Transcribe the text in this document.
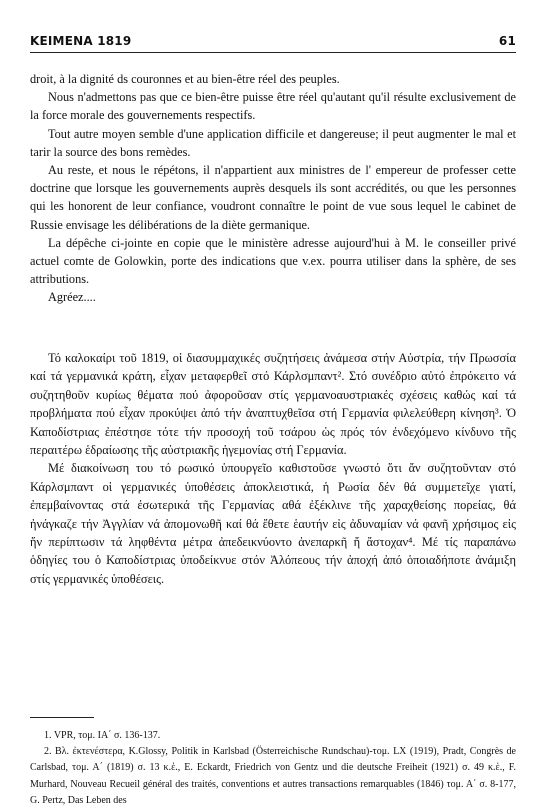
ΚΕΙΜΕΝΑ 1819	61

droit, à la dignité ds couronnes et au bien-être réel des peuples.

Nous n'admettons pas que ce bien-être puisse être réel qu'autant qu'il résulte exclusivement de la force morale des gouvernements respectifs.

Tout autre moyen semble d'une application difficile et dangereuse; il peut augmenter le mal et tarir la source des bons remèdes.

Au reste, et nous le répétons, il n'appartient aux ministres de l' empereur de professer cette doctrine que lorsque les gouvernements auprès desquels ils sont accrédités, ou que les personnes qui les honorent de leur confiance, voudront connaître le point de vue sous lequel le cabinet de Russie envisage les délibérations de la diète germanique.

La dépêche ci-jointe en copie que le ministère adresse aujourd'hui à M. le conseiller privé actuel comte de Golowkin, porte des indications que v.ex. pourra utiliser dans la sphère, de ses attributions.

Agréez....

Τό καλοκαίρι τοῦ 1819, οἱ διασυμμαχικές συζητήσεις ἀνάμεσα στήν Αὐστρία, τήν Πρωσσία καί τά γερμανικά κράτη, εἶχαν μεταφερθεῖ στό Κάρλσμπαντ². Στό συνέδριο αὐτό ἐπρόκειτο νά συζητηθοῦν κυρίως θέματα πού ἀφοροῦσαν στίς γερμανοαυστριακές σχέσεις καθώς καί τά προβλήματα πού εἶχαν προκύψει ἀπό τήν ἀναπτυχθεῖσα στή Γερμανία φιλελεύθερη κίνηση³. Ὁ Καποδίστριας ἐπέστησε τότε τήν προσοχή τοῦ τσάρου ὡς πρός τόν ἐνδεχόμενο κίνδυνο τῆς περαιτέρω ἑδραίωσης τῆς αὐστριακῆς ἡγεμονίας στή Γερμανία.

Μέ διακοίνωση του τό ρωσικό ὑπουργεῖο καθιστοῦσε γνωστό ὅτι ἄν συζητοῦνταν στό Κάρλσμπαντ οἱ γερμανικές ὑποθέσεις ἀποκλειστικά, ἡ Ρωσία δέν θά συμμετεῖχε γιατί, ἐπεμβαίνοντας στά ἐσωτερικά τῆς Γερμανίας αθά ἐξέκλινε τῆς χαραχθείσης πορείας, θά ἠνάγκαζε τήν Ἀγγλίαν νά ἀπομονωθῆ καί θά ἔθετε ἑαυτήν εἰς ἀδυναμίαν νά φανῆ χρήσιμος εἰς ἥν περίπτωσιν τά ληφθέντα μέτρα ἀπεδεικνύοντο ἀνεπαρκῆ ἤ ἄστοχαν⁴. Μέ τίς παραπάνω ὁδηγίες του ὁ Καποδίστριας ὑποδείκνυε στόν Ἀλόπεους τήν ἀποχή ἀπό ὁποιαδήποτε ἀνάμιξη στίς γερμανικές ὑποθέσεις.

1. VPR, τομ. ΙΑ΄ σ. 136-137.

2. Βλ. ἐκτενέστερα, K.Glossy, Politik in Karlsbad (Österreichische Rundschau)-τομ. LX (1919), Pradt, Congrès de Carlsbad, τομ. Α΄ (1819) σ. 13 κ.ἑ., E. Eckardt, Friedrich von Gentz und die deutsche Freiheit (1921) σ. 49 κ.ἑ., F. Murhard, Nouveau Recueil général des traités, conventions et autres transactions remarquables (1846) τομ. Α΄ σ. 8-177, G. Pertz, Das Leben des
